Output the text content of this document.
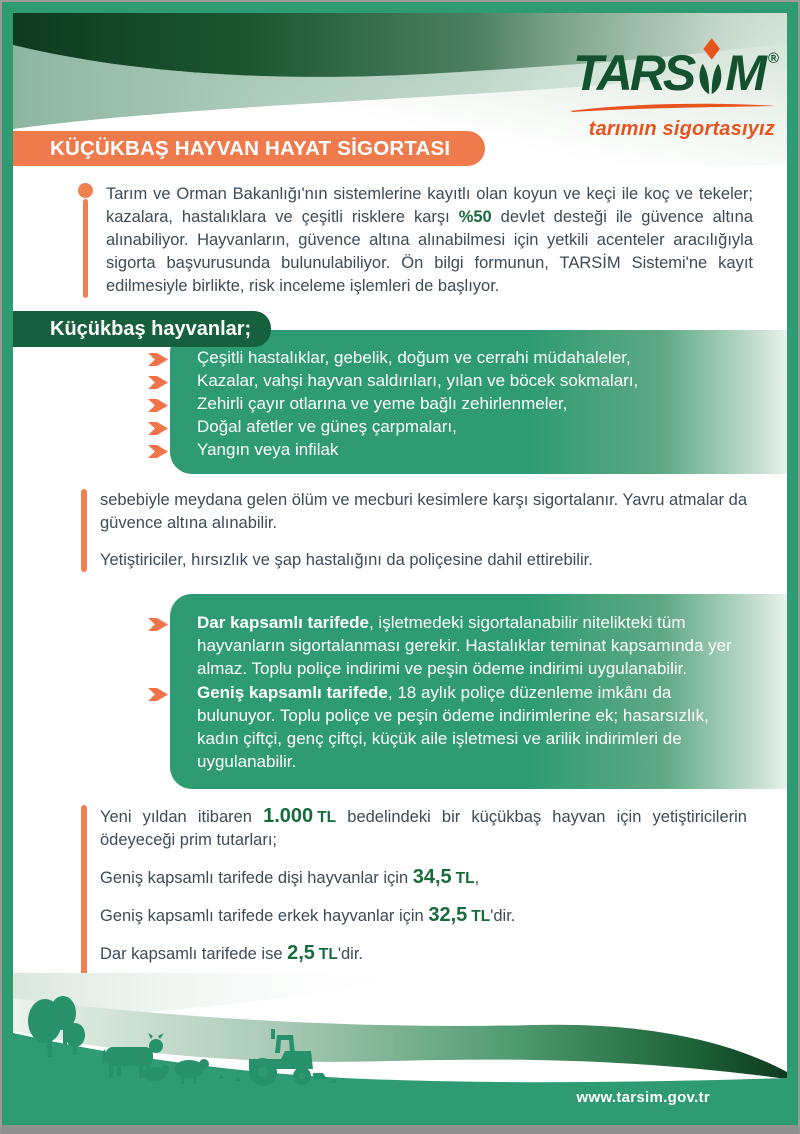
TARS M ®
tarımın sigortasıyız
KÜÇÜKBAŞ HAYVAN HAYAT SİGORTASI

Tarım ve Orman Bakanlığı'nın sistemlerine kayıtlı olan koyun ve keçi ile koç ve tekeler; kazalara, hastalıklara ve çeşitli risklere karşı %50 devlet desteği ile güvence altına alınabiliyor. Hayvanların, güvence altına alınabilmesi için yetkili acenteler aracılığıyla sigorta başvurusunda bulunulabiliyor. Ön bilgi formunun, TARSİM Sistemi'ne kayıt edilmesiyle birlikte, risk inceleme işlemleri de başlıyor.

Küçükbaş hayvanlar;
Çeşitli hastalıklar, gebelik, doğum ve cerrahi müdahaleler,
Kazalar, vahşi hayvan saldırıları, yılan ve böcek sokmaları,
Zehirli çayır otlarına ve yeme bağlı zehirlenmeler,
Doğal afetler ve güneş çarpmaları,
Yangın veya infilak

sebebiyle meydana gelen ölüm ve mecburi kesimlere karşı sigortalanır. Yavru atmalar da güvence altına alınabilir.

Yetiştiriciler, hırsızlık ve şap hastalığını da poliçesine dahil ettirebilir.

Dar kapsamlı tarifede, işletmedeki sigortalanabilir nitelikteki tüm hayvanların sigortalanması gerekir. Hastalıklar teminat kapsamında yer almaz. Toplu poliçe indirimi ve peşin ödeme indirimi uygulanabilir.
Geniş kapsamlı tarifede, 18 aylık poliçe düzenleme imkânı da bulunuyor. Toplu poliçe ve peşin ödeme indirimlerine ek; hasarsızlık, kadın çiftçi, genç çiftçi, küçük aile işletmesi ve arilik indirimleri de uygulanabilir.

Yeni yıldan itibaren 1.000 TL bedelindeki bir küçükbaş hayvan için yetiştiricilerin ödeyeceği prim tutarları;

Geniş kapsamlı tarifede dişi hayvanlar için 34,5 TL,

Geniş kapsamlı tarifede erkek hayvanlar için 32,5 TL'dir.

Dar kapsamlı tarifede ise 2,5 TL'dir.

www.tarsim.gov.tr
